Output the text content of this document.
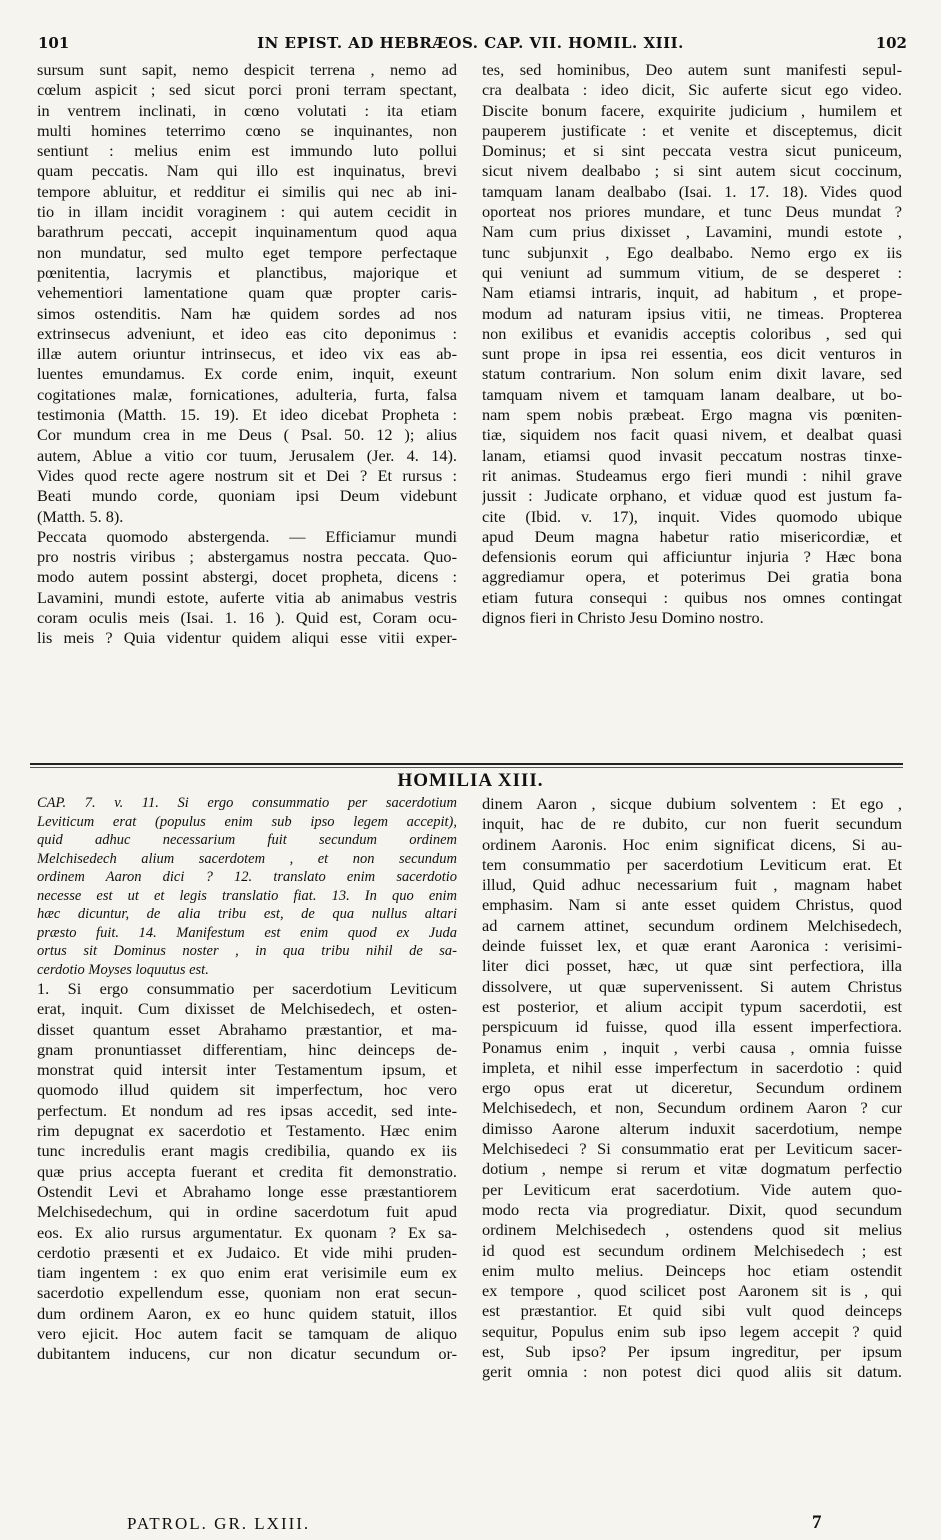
101	IN EPIST. AD HEBRÆOS. CAP. VII. HOMIL. XIII.	102
sursum sunt sapit, nemo despicit terrena , nemo ad
cœlum aspicit ; sed sicut porci proni terram spectant,
in ventrem inclinati, in cœno volutati : ita etiam
multi homines teterrimo cœno se inquinantes, non
sentiunt : melius enim est immundo luto pollui
quam peccatis. Nam qui illo est inquinatus, brevi
tempore abluitur, et redditur ei similis qui nec ab ini-
tio in illam incidit voraginem : qui autem cecidit in
barathrum peccati, accepit inquinamentum quod aqua
non mundatur, sed multo eget tempore perfectaque
pœnitentia, lacrymis et planctibus, majorique et
vehementiori lamentatione quam quæ propter caris-
simos ostenditis. Nam hæ quidem sordes ad nos
extrinsecus adveniunt, et ideo eas cito deponimus :
illæ autem oriuntur intrinsecus, et ideo vix eas ab-
luentes emundamus. Ex corde enim, inquit, exeunt
cogitationes malæ, fornicationes, adulteria, furta, falsa
testimonia (Matth. 15. 19). Et ideo dicebat Propheta :
Cor mundum crea in me Deus ( Psal. 50. 12 ); alius
autem, Ablue a vitio cor tuum, Jerusalem (Jer. 4. 14).
Vides quod recte agere nostrum sit et Dei ? Et rursus :
Beati mundo corde, quoniam ipsi Deum videbunt
(Matth. 5. 8).
Peccata quomodo abstergenda. — Efficiamur mundi
pro nostris viribus ; abstergamus nostra peccata. Quo-
modo autem possint abstergi, docet propheta, dicens :
Lavamini, mundi estote, auferte vitia ab animabus vestris
coram oculis meis (Isai. 1. 16 ). Quid est, Coram ocu-
lis meis ? Quia videntur quidem aliqui esse vitii exper-
tes, sed hominibus, Deo autem sunt manifesti sepul-
cra dealbata : ideo dicit, Sic auferte sicut ego video.
Discite bonum facere, exquirite judicium , humilem et
pauperem justificate : et venite et disceptemus, dicit
Dominus; et si sint peccata vestra sicut puniceum,
sicut nivem dealbabo ; si sint autem sicut coccinum,
tamquam lanam dealbabo (Isai. 1. 17. 18). Vides quod
oporteat nos priores mundare, et tunc Deus mundat ?
Nam cum prius dixisset , Lavamini, mundi estote ,
tunc subjunxit , Ego dealbabo. Nemo ergo ex iis
qui veniunt ad summum vitium, de se desperet :
Nam etiamsi intraris, inquit, ad habitum , et prope-
modum ad naturam ipsius vitii, ne timeas. Propterea
non exilibus et evanidis acceptis coloribus , sed qui
sunt prope in ipsa rei essentia, eos dicit venturos in
statum contrarium. Non solum enim dixit lavare, sed
tamquam nivem et tamquam lanam dealbare, ut bo-
nam spem nobis præbeat. Ergo magna vis pœniten-
tiæ, siquidem nos facit quasi nivem, et dealbat quasi
lanam, etiamsi quod invasit peccatum nostras tinxe-
rit animas. Studeamus ergo fieri mundi : nihil grave
jussit : Judicate orphano, et viduæ quod est justum fa-
cite (Ibid. v. 17), inquit. Vides quomodo ubique
apud Deum magna habetur ratio misericordiæ, et
defensionis eorum qui afficiuntur injuria ? Hæc bona
aggrediamur opera, et poterimus Dei gratia bona
etiam futura consequi : quibus nos omnes contingat
dignos fieri in Christo Jesu Domino nostro.
HOMILIA XIII.
CAP. 7. v. 11. Si ergo consummatio per sacerdotium
Leviticum erat (populus enim sub ipso legem accepit),
quid adhuc necessarium fuit secundum ordinem
Melchisedech alium sacerdotem , et non secundum
ordinem Aaron dici ? 12. translato enim sacerdotio
necesse est ut et legis translatio fiat. 13. In quo enim
hæc dicuntur, de alia tribu est, de qua nullus altari
præsto fuit. 14. Manifestum est enim quod ex Juda
ortus sit Dominus noster , in qua tribu nihil de sa-
cerdotio Moyses loquutus est.
1. Si ergo consummatio per sacerdotium Leviticum
erat, inquit. Cum dixisset de Melchisedech, et osten-
disset quantum esset Abrahamo præstantior, et ma-
gnam pronuntiasset differentiam, hinc deinceps de-
monstrat quid intersit inter Testamentum ipsum, et
quomodo illud quidem sit imperfectum, hoc vero
perfectum. Et nondum ad res ipsas accedit, sed inte-
rim depugnat ex sacerdotio et Testamento. Hæc enim
tunc incredulis erant magis credibilia, quando ex iis
quæ prius accepta fuerant et credita fit demonstratio.
Ostendit Levi et Abrahamo longe esse præstantiorem
Melchisedechum, qui in ordine sacerdotum fuit apud
eos. Ex alio rursus argumentatur. Ex quonam ? Ex sa-
cerdotio præsenti et ex Judaico. Et vide mihi pruden-
tiam ingentem : ex quo enim erat verisimile eum ex
sacerdotio expellendum esse, quoniam non erat secun-
dum ordinem Aaron, ex eo hunc quidem statuit, illos
vero ejicit. Hoc autem facit se tamquam de aliquo
dubitantem inducens, cur non dicatur secundum or-
dinem Aaron , sicque dubium solventem : Et ego ,
inquit, hac de re dubito, cur non fuerit secundum
ordinem Aaronis. Hoc enim significat dicens, Si au-
tem consummatio per sacerdotium Leviticum erat. Et
illud, Quid adhuc necessarium fuit , magnam habet
emphasim. Nam si ante esset quidem Christus, quod
ad carnem attinet, secundum ordinem Melchisedech,
deinde fuisset lex, et quæ erant Aaronica : verisimi-
liter dici posset, hæc, ut quæ sint perfectiora, illa
dissolvere, ut quæ supervenissent. Si autem Christus
est posterior, et alium accipit typum sacerdotii, est
perspicuum id fuisse, quod illa essent imperfectiora.
Ponamus enim , inquit , verbi causa , omnia fuisse
impleta, et nihil esse imperfectum in sacerdotio : quid
ergo opus erat ut diceretur, Secundum ordinem
Melchisedech, et non, Secundum ordinem Aaron ? cur
dimisso Aarone alterum induxit sacerdotium, nempe
Melchisedeci ? Si consummatio erat per Leviticum sacer-
dotium , nempe si rerum et vitæ dogmatum perfectio
per Leviticum erat sacerdotium. Vide autem quo-
modo recta via progrediatur. Dixit, quod secundum
ordinem Melchisedech , ostendens quod sit melius
id quod est secundum ordinem Melchisedech ; est
enim multo melius. Deinceps hoc etiam ostendit
ex tempore , quod scilicet post Aaronem sit is , qui
est præstantior. Et quid sibi vult quod deinceps
sequitur, Populus enim sub ipso legem accepit ? quid
est, Sub ipso? Per ipsum ingreditur, per ipsum
gerit omnia : non potest dici quod aliis sit datum.
PATROL. GR. LXIII.	7
